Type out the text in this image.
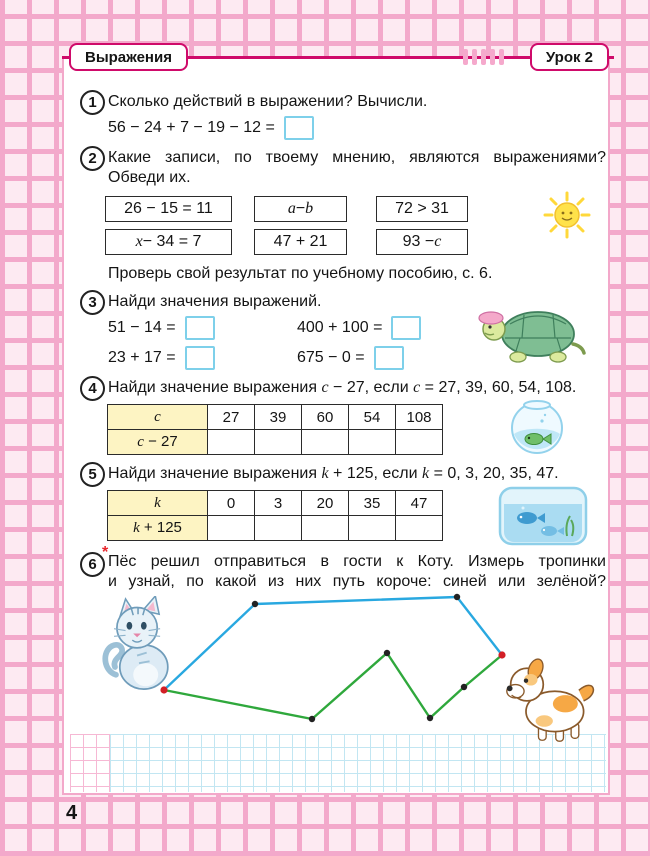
Выражения	Урок 2
1 Сколько действий в выражении? Вычисли.
56 − 24 + 7 − 19 − 12 =
2 Какие записи, по твоему мнению, являются выражениями?
Обведи их.
26 − 15 = 11	a − b	72 > 31
x − 34 = 7	47 + 21	93 − c
Проверь свой результат по учебному пособию, с. 6.
3 Найди значения выражений.
51 − 14 =	400 + 100 =
23 + 17 =	675 − 0 =
4 Найди значение выражения c − 27, если c = 27, 39, 60, 54, 108.
c	27	39	60	54	108
c − 27					
5 Найди значение выражения k + 125, если k = 0, 3, 20, 35, 47.
k	0	3	20	35	47
k + 125					
6
*
Пёс решил отправиться в гости к Коту. Измерь тропинки
и узнай, по какой из них путь короче: синей или зелёной?
4
